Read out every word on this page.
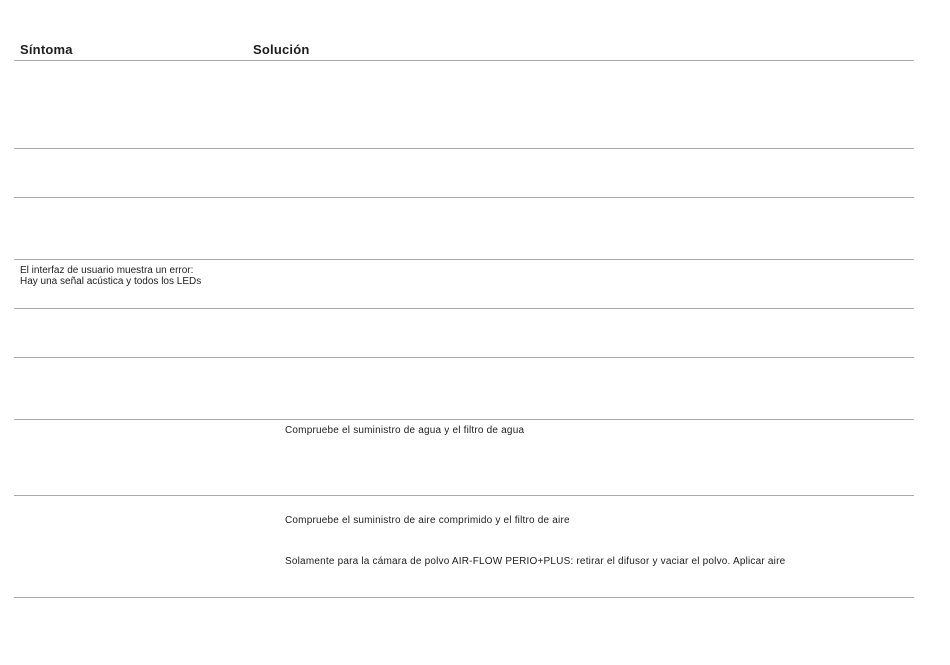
Síntoma	Solución
El interfaz de usuario muestra un error:
Hay una señal acústica y todos los LEDs
Compruebe el suministro de agua y el filtro de agua
Compruebe el suministro de aire comprimido y el filtro de aire
Solamente para la cámara de polvo AIR-FLOW PERIO+PLUS: retirar el difusor y vaciar el polvo. Aplicar aire
